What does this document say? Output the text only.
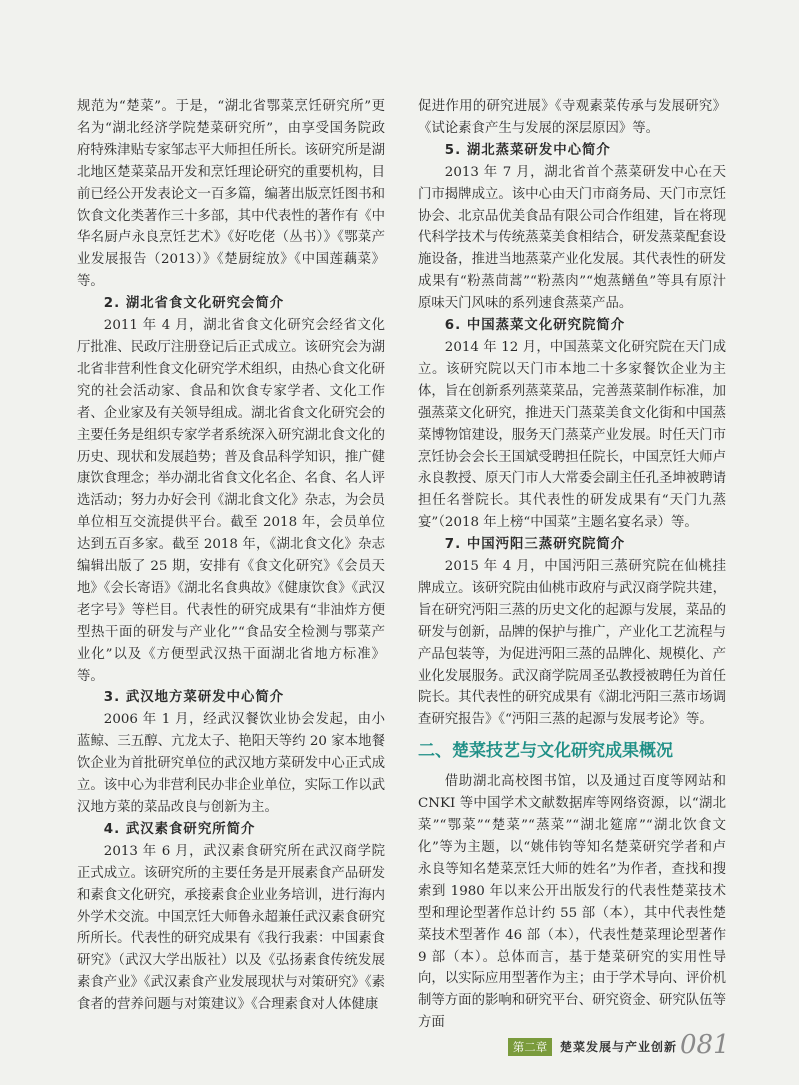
规范为“楚菜”。于是，“湖北省鄂菜烹饪研究所”更名为“湖北经济学院楚菜研究所”，由享受国务院政府特殊津贴专家邹志平大师担任所长。该研究所是湖北地区楚菜菜品开发和烹饪理论研究的重要机构，目前已经公开发表论文一百多篇，编著出版烹饪图书和饮食文化类著作三十多部，其中代表性的著作有《中华名厨卢永良烹饪艺术》《好吃佬（丛书）》《鄂菜产业发展报告（2013）》《楚厨绽放》《中国莲藕菜》等。

2. 湖北省食文化研究会简介

2011 年 4 月，湖北省食文化研究会经省文化厅批准、民政厅注册登记后正式成立。该研究会为湖北省非营利性食文化研究学术组织，由热心食文化研究的社会活动家、食品和饮食专家学者、文化工作者、企业家及有关领导组成。湖北省食文化研究会的主要任务是组织专家学者系统深入研究湖北食文化的历史、现状和发展趋势；普及食品科学知识，推广健康饮食理念；举办湖北省食文化名企、名食、名人评选活动；努力办好会刊《湖北食文化》杂志，为会员单位相互交流提供平台。截至 2018 年，会员单位达到五百多家。截至 2018 年，《湖北食文化》杂志编辑出版了 25 期，安排有《食文化研究》《会员天地》《会长寄语》《湖北名食典故》《健康饮食》《武汉老字号》等栏目。代表性的研究成果有“非油炸方便型热干面的研发与产业化”“食品安全检测与鄂菜产业化”以及《方便型武汉热干面湖北省地方标准》等。

3. 武汉地方菜研发中心简介

2006 年 1 月，经武汉餐饮业协会发起，由小蓝鲸、三五醇、亢龙太子、艳阳天等约 20 家本地餐饮企业为首批研究单位的武汉地方菜研发中心正式成立。该中心为非营利民办非企业单位，实际工作以武汉地方菜的菜品改良与创新为主。

4. 武汉素食研究所简介

2013 年 6 月，武汉素食研究所在武汉商学院正式成立。该研究所的主要任务是开展素食产品研发和素食文化研究，承接素食企业业务培训，进行海内外学术交流。中国烹饪大师鲁永超兼任武汉素食研究所所长。代表性的研究成果有《我行我素：中国素食研究》（武汉大学出版社）以及《弘扬素食传统发展素食产业》《武汉素食产业发展现状与对策研究》《素食者的营养问题与对策建议》《合理素食对人体健康

促进作用的研究进展》《寺观素菜传承与发展研究》《试论素食产生与发展的深层原因》等。

5. 湖北蒸菜研发中心简介

2013 年 7 月，湖北省首个蒸菜研发中心在天门市揭牌成立。该中心由天门市商务局、天门市烹饪协会、北京品优美食品有限公司合作组建，旨在将现代科学技术与传统蒸菜美食相结合，研发蒸菜配套设施设备，推进当地蒸菜产业化发展。其代表性的研发成果有“粉蒸茼蒿”“粉蒸肉”“炮蒸鳝鱼”等具有原汁原味天门风味的系列速食蒸菜产品。

6. 中国蒸菜文化研究院简介

2014 年 12 月，中国蒸菜文化研究院在天门成立。该研究院以天门市本地二十多家餐饮企业为主体，旨在创新系列蒸菜菜品，完善蒸菜制作标准，加强蒸菜文化研究，推进天门蒸菜美食文化街和中国蒸菜博物馆建设，服务天门蒸菜产业发展。时任天门市烹饪协会会长王国斌受聘担任院长，中国烹饪大师卢永良教授、原天门市人大常委会副主任孔圣坤被聘请担任名誉院长。其代表性的研发成果有“天门九蒸宴”（2018 年上榜“中国菜”主题名宴名录）等。

7. 中国沔阳三蒸研究院简介

2015 年 4 月，中国沔阳三蒸研究院在仙桃挂牌成立。该研究院由仙桃市政府与武汉商学院共建，旨在研究沔阳三蒸的历史文化的起源与发展，菜品的研发与创新，品牌的保护与推广，产业化工艺流程与产品包装等，为促进沔阳三蒸的品牌化、规模化、产业化发展服务。武汉商学院周圣弘教授被聘任为首任院长。其代表性的研究成果有《湖北沔阳三蒸市场调查研究报告》《“沔阳三蒸的起源与发展考论》等。

二、楚菜技艺与文化研究成果概况

借助湖北高校图书馆，以及通过百度等网站和 CNKI 等中国学术文献数据库等网络资源，以“湖北菜”“鄂菜”“楚菜”“蒸菜”“湖北筵席”“湖北饮食文化”等为主题，以“姚伟钧等知名楚菜研究学者和卢永良等知名楚菜烹饪大师的姓名”为作者，查找和搜索到 1980 年以来公开出版发行的代表性楚菜技术型和理论型著作总计约 55 部（本），其中代表性楚菜技术型著作 46 部（本），代表性楚菜理论型著作 9 部（本）。总体而言，基于楚菜研究的实用性导向，以实际应用型著作为主；由于学术导向、评价机制等方面的影响和研究平台、研究资金、研究队伍等方面

第二章	楚菜发展与产业创新 081
